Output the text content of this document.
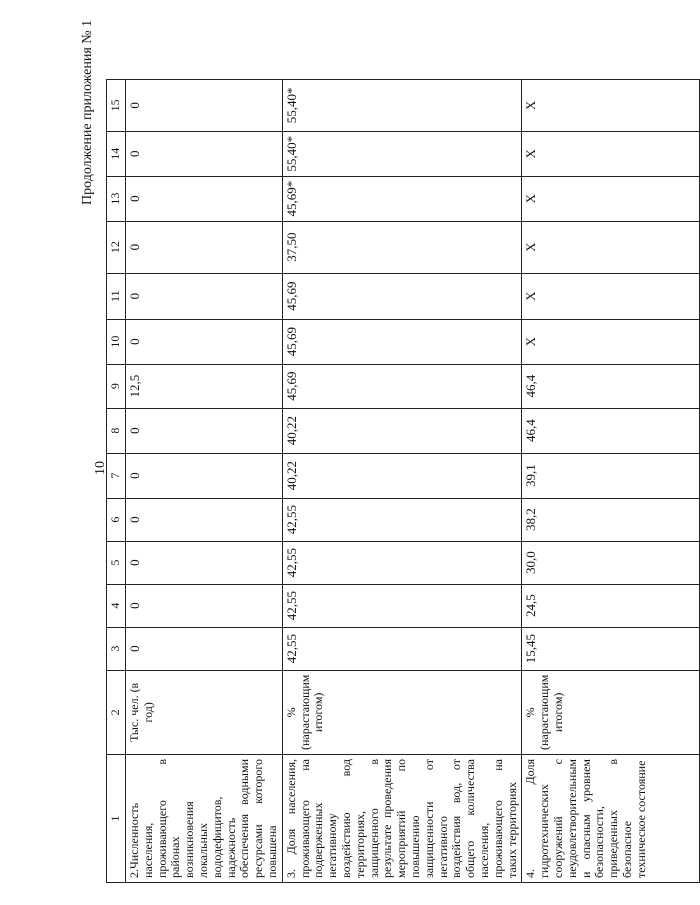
Продолжение приложения № 1
10
1	2	3	4	5	6	7	8	9	10	11	12	13	14	15
2.Численность населения, проживающего в районах возникновения локальных вододефицитов, надежность обеспечения водными ресурсами которого повышена	Тыс. чел. (в год)	0	0	0	0	0	0	12,5	0	0	0	0	0	0
3. Доля населения, проживающего на подверженных негативному воздействию вод территориях, защищенного в результате проведения мероприятий по повышению защищенности от негативного воздействия вод, от общего количества населения, проживающего на таких территориях	% (нарастающим итогом)	42,55	42,55	42,55	42,55	40,22	40,22	45,69	45,69	45,69	37,50	45,69*	55,40*	55,40*
4. Доля гидротехнических сооружений с неудовлетворительным и опасным уровнем безопасности, приведенных в безопасное техническое состояние	% (нарастающим итогом)	15,45	24,5	30,0	38,2	39,1	46,4	46,4	Х	Х	Х	Х	Х	Х
